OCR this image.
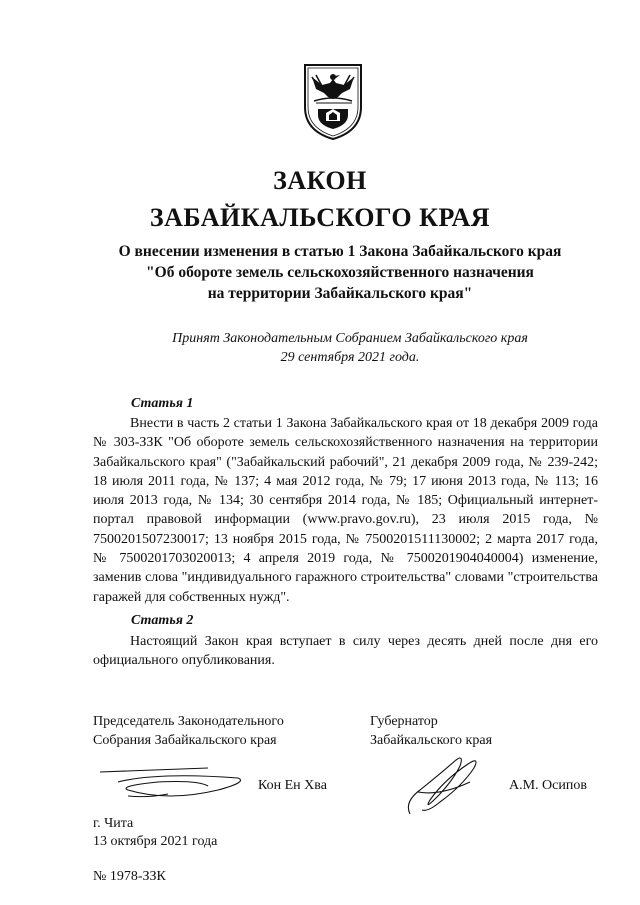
ЗАКОН
ЗАБАЙКАЛЬСКОГО КРАЯ
О внесении изменения в статью 1 Закона Забайкальского края
"Об обороте земель сельскохозяйственного назначения
на территории Забайкальского края"
Принят Законодательным Собранием Забайкальского края
29 сентября 2021 года.
Статья 1

Внести в часть 2 статьи 1 Закона Забайкальского края от 18 декабря 2009 года № 303-ЗЗК "Об обороте земель сельскохозяйственного назначения на территории Забайкальского края" ("Забайкальский рабочий", 21 декабря 2009 года, № 239-242; 18 июля 2011 года, № 137; 4 мая 2012 года, № 79; 17 июня 2013 года, № 113; 16 июля 2013 года, № 134; 30 сентября 2014 года, № 185; Официальный интернет-портал правовой информации (www.pravo.gov.ru), 23 июля 2015 года, № 7500201507230017; 13 ноября 2015 года, № 7500201511130002; 2 марта 2017 года, № 7500201703020013; 4 апреля 2019 года, № 7500201904040004) изменение, заменив слова "индивидуального гаражного строительства" словами "строительства гаражей для собственных нужд".

Статья 2

Настоящий Закон края вступает в силу через десять дней после дня его официального опубликования.

Председатель Законодательного
Собрания Забайкальского края
Губернатор
Забайкальского края
Кон Ен Хва	А.М. Осипов
г. Чита
13 октября 2021 года
№ 1978-ЗЗК
